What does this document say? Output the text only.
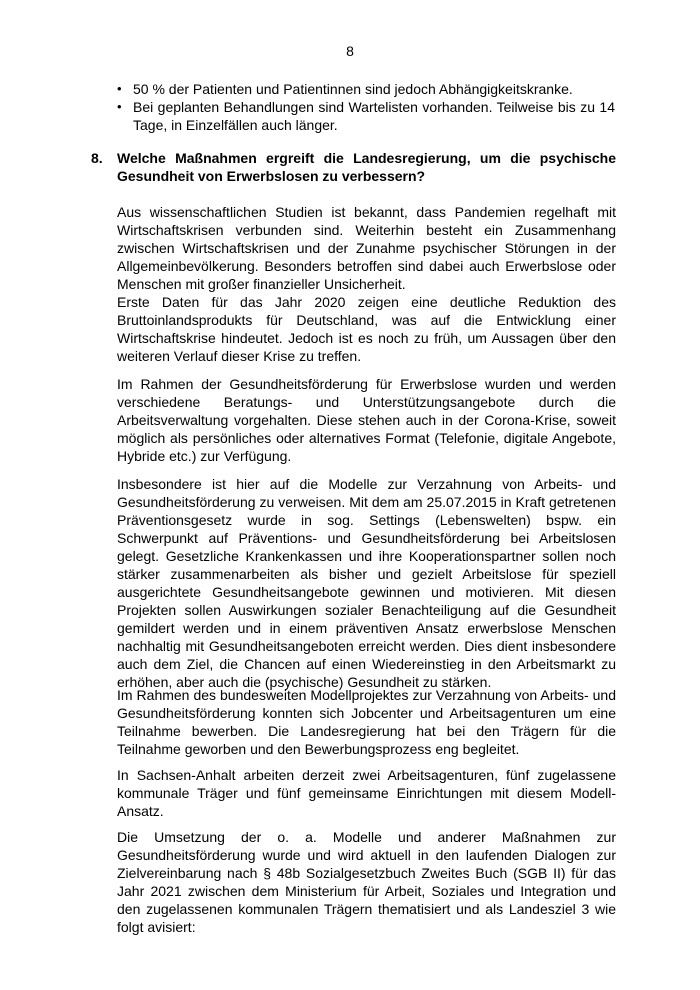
8
• 50 % der Patienten und Patientinnen sind jedoch Abhängigkeitskranke.
• Bei geplanten Behandlungen sind Wartelisten vorhanden. Teilweise bis zu 14 Tage, in Einzelfällen auch länger.
8. Welche Maßnahmen ergreift die Landesregierung, um die psychische Gesundheit von Erwerbslosen zu verbessern?

Aus wissenschaftlichen Studien ist bekannt, dass Pandemien regelhaft mit Wirtschaftskrisen verbunden sind. Weiterhin besteht ein Zusammenhang zwischen Wirtschaftskrisen und der Zunahme psychischer Störungen in der Allgemeinbevölkerung. Besonders betroffen sind dabei auch Erwerbslose oder Menschen mit großer finanzieller Unsicherheit.

Erste Daten für das Jahr 2020 zeigen eine deutliche Reduktion des Bruttoinlandsprodukts für Deutschland, was auf die Entwicklung einer Wirtschaftskrise hindeutet. Jedoch ist es noch zu früh, um Aussagen über den weiteren Verlauf dieser Krise zu treffen.

Im Rahmen der Gesundheitsförderung für Erwerbslose wurden und werden verschiedene Beratungs- und Unterstützungsangebote durch die Arbeitsverwaltung vorgehalten. Diese stehen auch in der Corona-Krise, soweit möglich als persönliches oder alternatives Format (Telefonie, digitale Angebote, Hybride etc.) zur Verfügung.

Insbesondere ist hier auf die Modelle zur Verzahnung von Arbeits- und Gesundheitsförderung zu verweisen. Mit dem am 25.07.2015 in Kraft getretenen Präventionsgesetz wurde in sog. Settings (Lebenswelten) bspw. ein Schwerpunkt auf Präventions- und Gesundheitsförderung bei Arbeitslosen gelegt. Gesetzliche Krankenkassen und ihre Kooperationspartner sollen noch stärker zusammenarbeiten als bisher und gezielt Arbeitslose für speziell ausgerichtete Gesundheitsangebote gewinnen und motivieren. Mit diesen Projekten sollen Auswirkungen sozialer Benachteiligung auf die Gesundheit gemildert werden und in einem präventiven Ansatz erwerbslose Menschen nachhaltig mit Gesundheitsangeboten erreicht werden. Dies dient insbesondere auch dem Ziel, die Chancen auf einen Wiedereinstieg in den Arbeitsmarkt zu erhöhen, aber auch die (psychische) Gesundheit zu stärken.

Im Rahmen des bundesweiten Modellprojektes zur Verzahnung von Arbeits- und Gesundheitsförderung konnten sich Jobcenter und Arbeitsagenturen um eine Teilnahme bewerben. Die Landesregierung hat bei den Trägern für die Teilnahme geworben und den Bewerbungsprozess eng begleitet.

In Sachsen-Anhalt arbeiten derzeit zwei Arbeitsagenturen, fünf zugelassene kommunale Träger und fünf gemeinsame Einrichtungen mit diesem Modell-Ansatz.

Die Umsetzung der o. a. Modelle und anderer Maßnahmen zur Gesundheitsförderung wurde und wird aktuell in den laufenden Dialogen zur Zielvereinbarung nach § 48b Sozialgesetzbuch Zweites Buch (SGB II) für das Jahr 2021 zwischen dem Ministerium für Arbeit, Soziales und Integration und den zugelassenen kommunalen Trägern thematisiert und als Landesziel 3 wie folgt avisiert:
